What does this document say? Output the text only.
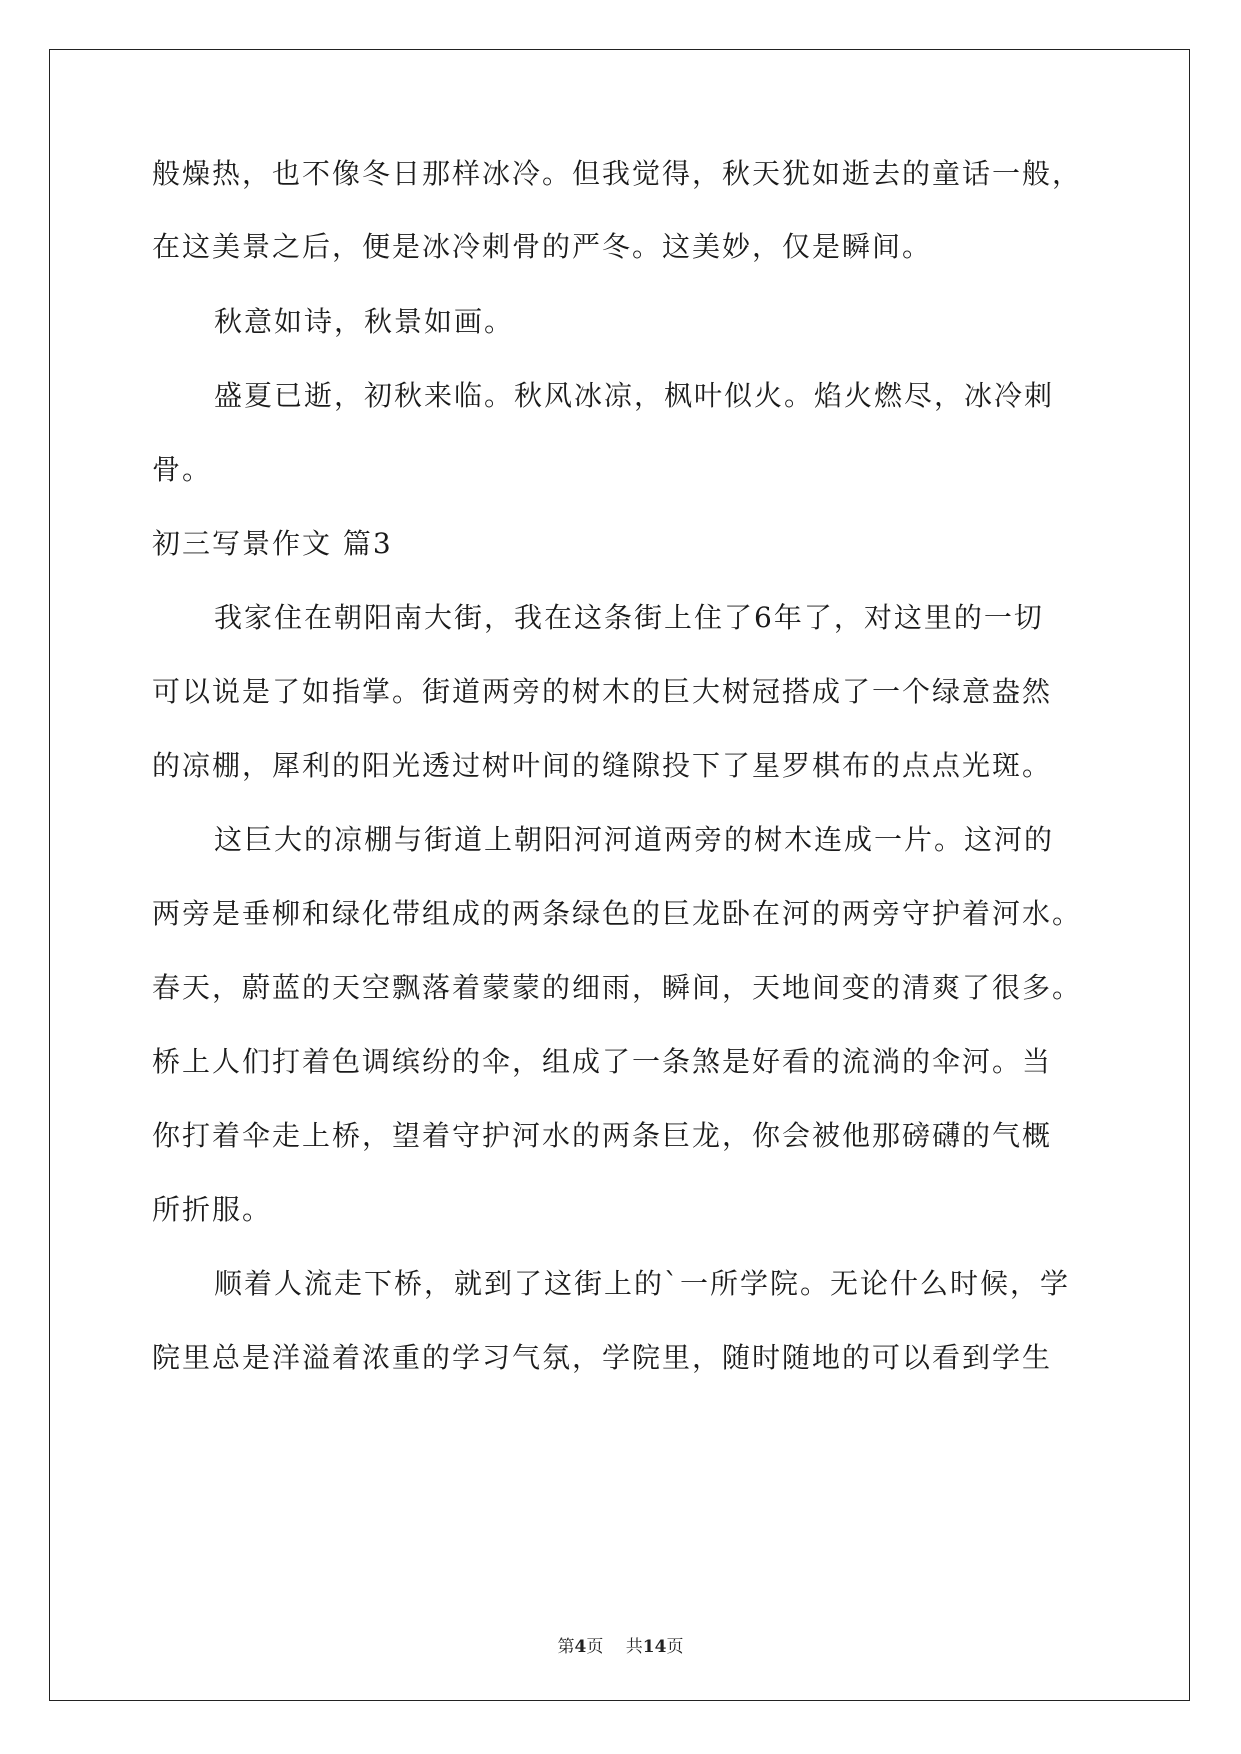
般燥热，也不像冬日那样冰冷。但我觉得，秋天犹如逝去的童话一般，
在这美景之后，便是冰冷刺骨的严冬。这美妙，仅是瞬间。
秋意如诗，秋景如画。
盛夏已逝，初秋来临。秋风冰凉，枫叶似火。焰火燃尽，冰冷刺
骨。
初三写景作文 篇3
我家住在朝阳南大街，我在这条街上住了6年了，对这里的一切
可以说是了如指掌。街道两旁的树木的巨大树冠搭成了一个绿意盎然
的凉棚，犀利的阳光透过树叶间的缝隙投下了星罗棋布的点点光斑。
这巨大的凉棚与街道上朝阳河河道两旁的树木连成一片。这河的
两旁是垂柳和绿化带组成的两条绿色的巨龙卧在河的两旁守护着河水。
春天，蔚蓝的天空飘落着蒙蒙的细雨，瞬间，天地间变的清爽了很多。
桥上人们打着色调缤纷的伞，组成了一条煞是好看的流淌的伞河。当
你打着伞走上桥，望着守护河水的两条巨龙，你会被他那磅礴的气概
所折服。
顺着人流走下桥，就到了这街上的`一所学院。无论什么时候，学
院里总是洋溢着浓重的学习气氛，学院里，随时随地的可以看到学生
第4页   共14页
